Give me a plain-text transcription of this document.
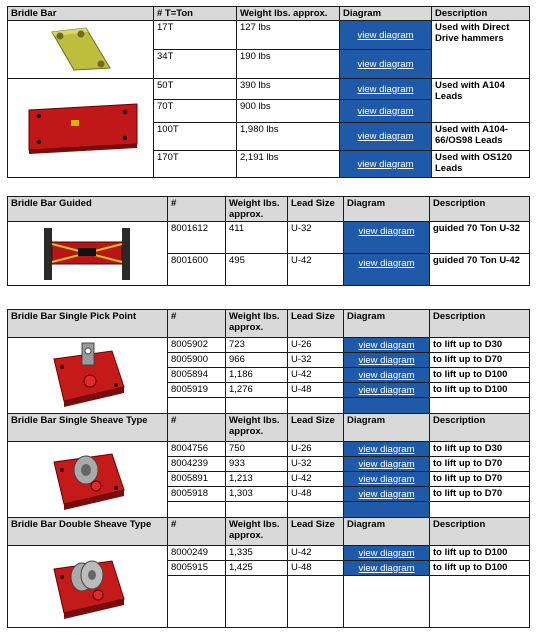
Bridle Bar	# T=Ton	Weight lbs. approx.	Diagram	Description

	17T	127 lbs	view diagram	Used with Direct Drive hammers
	34T	190 lbs	view diagram	

	50T	390 lbs	view diagram	Used with A104 Leads
	70T	900 lbs	view diagram	

	100T	1,980 lbs	view diagram	Used with A104-66/OS98 Leads
	170T	2,191 lbs	view diagram	Used with OS120 Leads
Bridle Bar Guided	#	Weight lbs. approx.	Lead Size	Diagram	Description

	8001612	411	U-32	view diagram	guided 70 Ton U-32
	8001600	495	U-42	view diagram	guided 70 Ton U-42
Bridle Bar Single Pick Point	#	Weight lbs. approx.	Lead Size	Diagram	Description

	8005902	723	U-26	view diagram	to lift up to D30
	8005900	966	U-32	view diagram	to lift up to D70
	8005894	1,186	U-42	view diagram	to lift up to D100
	8005919	1,276	U-48	view diagram	to lift up to D100

Bridle Bar Single Sheave Type	#	Weight lbs. approx.	Lead Size	Diagram	Description

	8004756	750	U-26	view diagram	to lift up to D30
	8004239	933	U-32	view diagram	to lift up to D70
	8005891	1,213	U-42	view diagram	to lift up to D70
	8005918	1,303	U-48	view diagram	to lift up to D70

Bridle Bar Double Sheave Type	#	Weight lbs. approx.	Lead Size	Diagram	Description

	8000249	1,335	U-42	view diagram	to lift up to D100
	8005915	1,425	U-48	view diagram	to lift up to D100
